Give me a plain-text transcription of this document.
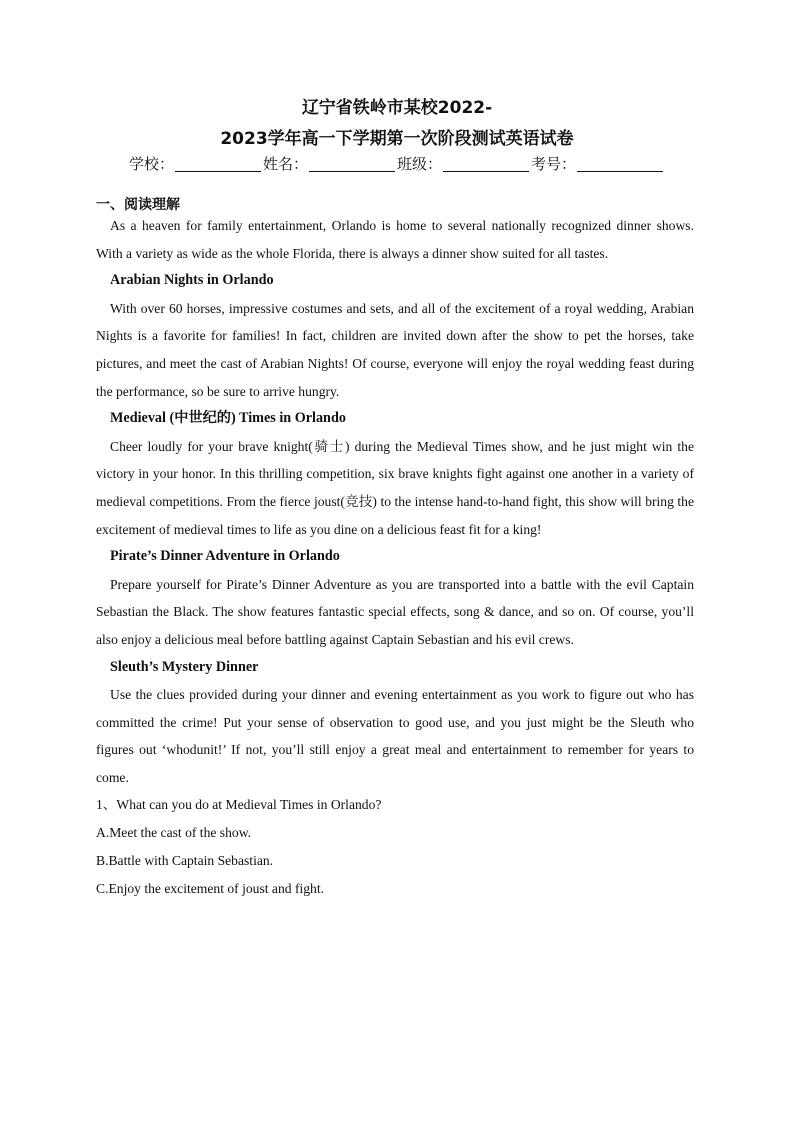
辽宁省铁岭市某校2022-
2023学年高一下学期第一次阶段测试英语试卷
学校：	姓名：	班级：	考号：
一、阅读理解

As a heaven for family entertainment, Orlando is home to several nationally recognized dinner shows. With a variety as wide as the whole Florida, there is always a dinner show suited for all tastes.

Arabian Nights in Orlando

With over 60 horses, impressive costumes and sets, and all of the excitement of a royal wedding, Arabian Nights is a favorite for families! In fact, children are invited down after the show to pet the horses, take pictures, and meet the cast of Arabian Nights! Of course, everyone will enjoy the royal wedding feast during the performance, so be sure to arrive hungry.

Medieval (中世纪的) Times in Orlando

Cheer loudly for your brave knight(骑士) during the Medieval Times show, and he just might win the victory in your honor. In this thrilling competition, six brave knights fight against one another in a variety of medieval competitions. From the fierce joust(竞技) to the intense hand-to-hand fight, this show will bring the excitement of medieval times to life as you dine on a delicious feast fit for a king!

Pirate’s Dinner Adventure in Orlando

Prepare yourself for Pirate’s Dinner Adventure as you are transported into a battle with the evil Captain Sebastian the Black. The show features fantastic special effects, song & dance, and so on. Of course, you’ll also enjoy a delicious meal before battling against Captain Sebastian and his evil crews.

Sleuth’s Mystery Dinner

Use the clues provided during your dinner and evening entertainment as you work to figure out who has committed the crime! Put your sense of observation to good use, and you just might be the Sleuth who figures out ‘whodunit!’ If not, you’ll still enjoy a great meal and entertainment to remember for years to come.

1、What can you do at Medieval Times in Orlando?

A.Meet the cast of the show.

B.Battle with Captain Sebastian.

C.Enjoy the excitement of joust and fight.
